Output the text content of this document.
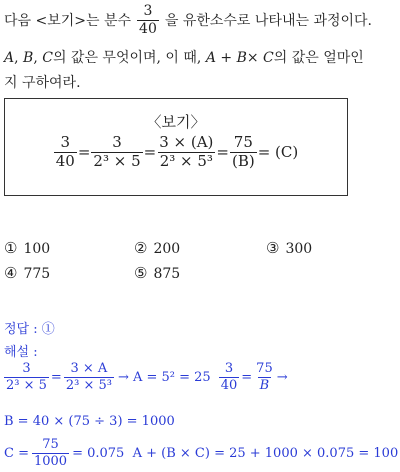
다음 <보기>는 분수 $\frac{3}{40}$ 을 유한소수로 나타내는 과정이다.
A, B, C의 값은 무엇이며, 이 때, A + B× C의 값은 얼마인
지 구하여라.
〈보기〉
$\frac{3}{40} = \frac{3}{\text{2³ × 5}} = \frac{3 \times (A)}{\text{2³ × 5³}} = \frac{75}{(B)} = (C)$
① 100	② 200	③ 300
④ 775	⑤ 875
정답 : ①
해설 :
$\frac{3}{\text{2³ × 5}} = \frac{3 \times A}{\text{2³ × 5³}} \to A = 5^2 = 25 \frac{3}{40} = \frac{75}{B}$ →
B = 40 × (75 ÷ 3) = 1000
$C = \frac{75}{1000} = 0.075$  A + (B × C) = 25 + 1000 × 0.075 = 100
